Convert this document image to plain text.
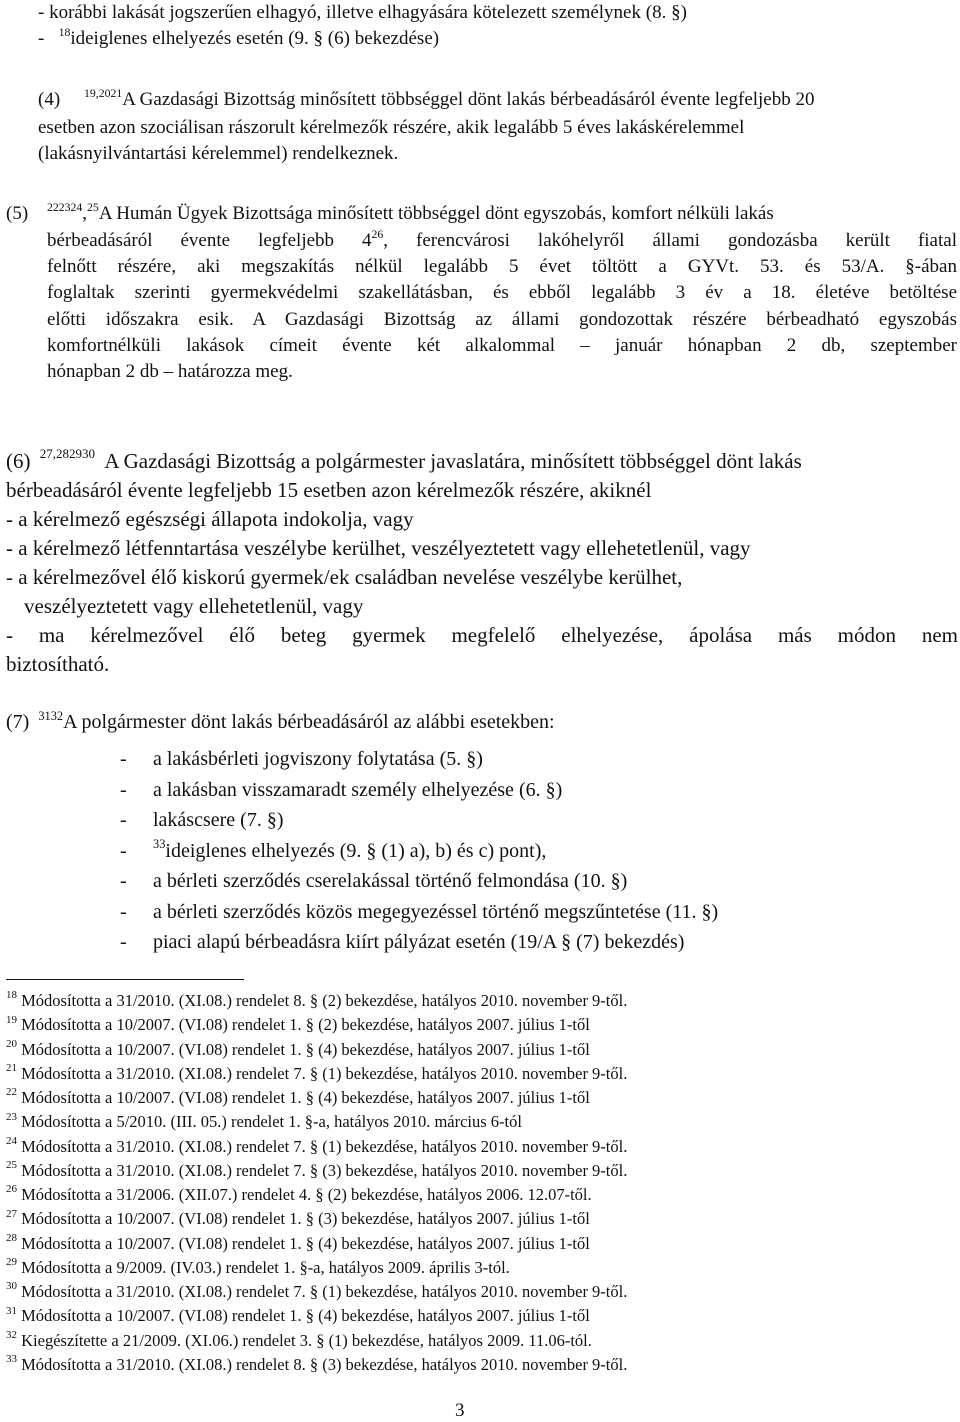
- korábbi lakását jogszerűen elhagyó, illetve elhagyására kötelezett személynek (8. §)
-   $^{18}$ideiglenes elhelyezés esetén (9. § (6) bekezdése)
(4) $^{19,2021}$A Gazdasági Bizottság minősített többséggel dönt lakás bérbeadásáról évente legfeljebb 20
esetben azon szociálisan rászorult kérelmezők részére, akik legalább 5 éves lakáskérelemmel
(lakásnyilvántartási kérelemmel) rendelkeznek.
(5) $^{222324}$,$^{25}$A Humán Ügyek Bizottsága minősített többséggel dönt egyszobás, komfort nélküli lakás
bérbeadásáról évente legfeljebb $4^{26}$, ferencvárosi lakóhelyről állami gondozásba került fiatal
felnőtt részére, aki megszakítás nélkül legalább 5 évet töltött a GYVt. 53. és 53/A. §-ában
foglaltak szerinti gyermekvédelmi szakellátásban, és ebből legalább 3 év a 18. életéve betöltése
előtti időszakra esik. A Gazdasági Bizottság az állami gondozottak részére bérbeadható egyszobás
komfortnélküli lakások címeit évente két alkalommal – január hónapban 2 db, szeptember
hónapban 2 db – határozza meg.
(6) $^{27,282930}$ A Gazdasági Bizottság a polgármester javaslatára, minősített többséggel dönt lakás
bérbeadásáról évente legfeljebb 15 esetben azon kérelmezők részére, akiknél
- a kérelmező egészségi állapota indokolja, vagy
- a kérelmező létfenntartása veszélybe kerülhet, veszélyeztetett vagy ellehetetlenül, vagy
- a kérelmezővel élő kiskorú gyermek/ek családban nevelése veszélybe kerülhet,
veszélyeztetett vagy ellehetetlenül, vagy
- ma kérelmezővel élő beteg gyermek megfelelő elhelyezése, ápolása más módon nem
biztosítható.
(7) $^{3132}$A polgármester dönt lakás bérbeadásáról az alábbi esetekben:
- a lakásbérleti jogviszony folytatása (5. §)
- a lakásban visszamaradt személy elhelyezése (6. §)
- lakáscsere (7. §)
- $^{33}$ideiglenes elhelyezés (9. § (1) a), b) és c) pont),
- a bérleti szerződés cserelakással történő felmondása (10. §)
- a bérleti szerződés közös megegyezéssel történő megszűntetése (11. §)
- piaci alapú bérbeadásra kiírt pályázat esetén (19/A § (7) bekezdés)
$^{18}$ Módosította a 31/2010. (XI.08.) rendelet 8. § (2) bekezdése, hatályos 2010. november 9-től.
$^{19}$ Módosította a 10/2007. (VI.08) rendelet 1. § (2) bekezdése, hatályos 2007. július 1-től
$^{20}$ Módosította a 10/2007. (VI.08) rendelet 1. § (4) bekezdése, hatályos 2007. július 1-től
$^{21}$ Módosította a 31/2010. (XI.08.) rendelet 7. § (1) bekezdése, hatályos 2010. november 9-től.
$^{22}$ Módosította a 10/2007. (VI.08) rendelet 1. § (4) bekezdése, hatályos 2007. július 1-től
$^{23}$ Módosította a 5/2010. (III. 05.) rendelet 1. §-a, hatályos 2010. március 6-tól
$^{24}$ Módosította a 31/2010. (XI.08.) rendelet 7. § (1) bekezdése, hatályos 2010. november 9-től.
$^{25}$ Módosította a 31/2010. (XI.08.) rendelet 7. § (3) bekezdése, hatályos 2010. november 9-től.
$^{26}$ Módosította a 31/2006. (XII.07.) rendelet 4. § (2) bekezdése, hatályos 2006. 12.07-től.
$^{27}$ Módosította a 10/2007. (VI.08) rendelet 1. § (3) bekezdése, hatályos 2007. július 1-től
$^{28}$ Módosította a 10/2007. (VI.08) rendelet 1. § (4) bekezdése, hatályos 2007. július 1-től
$^{29}$ Módosította a 9/2009. (IV.03.) rendelet 1. §-a, hatályos 2009. április 3-tól.
$^{30}$ Módosította a 31/2010. (XI.08.) rendelet 7. § (1) bekezdése, hatályos 2010. november 9-től.
$^{31}$ Módosította a 10/2007. (VI.08) rendelet 1. § (4) bekezdése, hatályos 2007. július 1-től
$^{32}$ Kiegészítette a 21/2009. (XI.06.) rendelet 3. § (1) bekezdése, hatályos 2009. 11.06-tól.
$^{33}$ Módosította a 31/2010. (XI.08.) rendelet 8. § (3) bekezdése, hatályos 2010. november 9-től.
3
